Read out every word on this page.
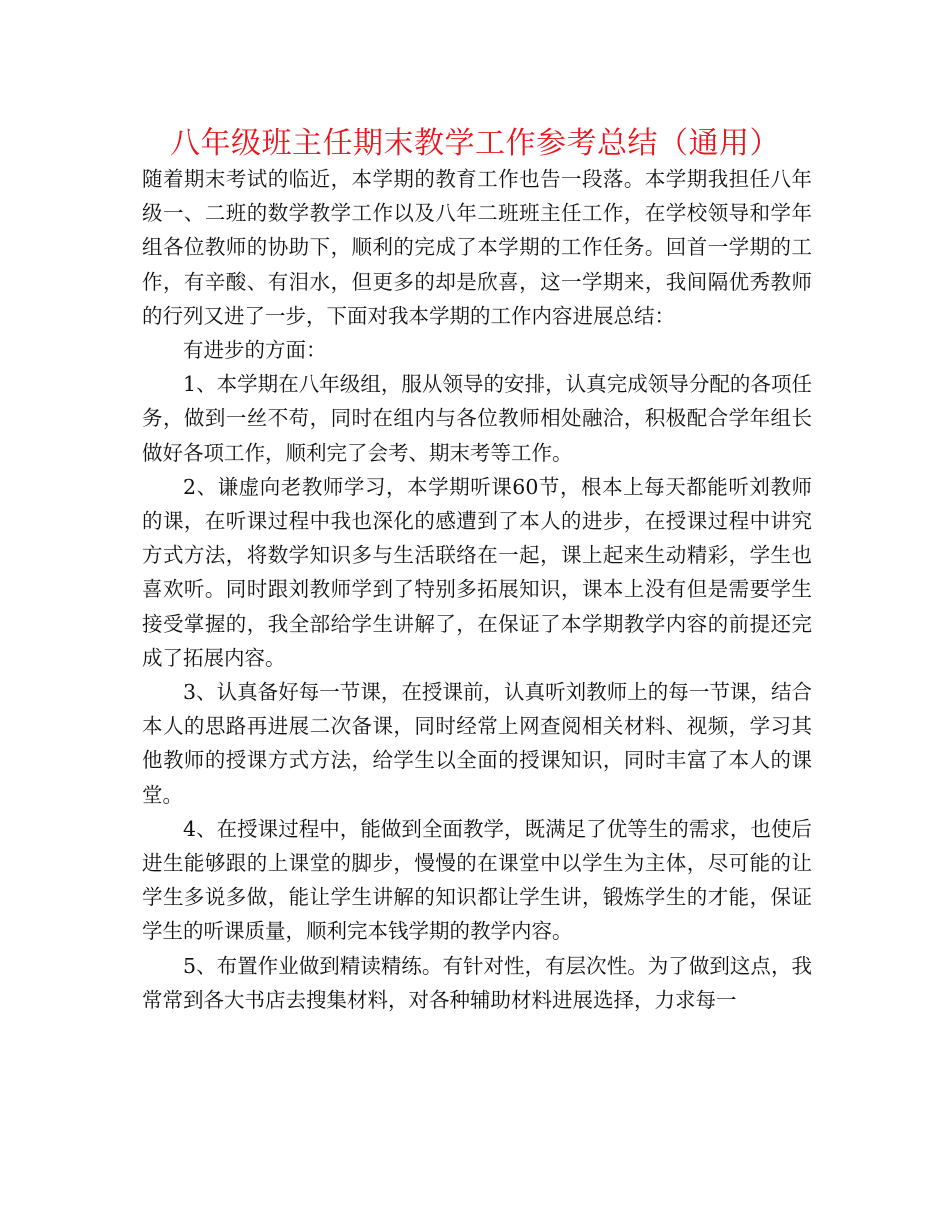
八年级班主任期末教学工作参考总结（通用）

随着期末考试的临近，本学期的教育工作也告一段落。本学期我担任八年级一、二班的数学教学工作以及八年二班班主任工作，在学校领导和学年组各位教师的协助下，顺利的完成了本学期的工作任务。回首一学期的工作，有辛酸、有泪水，但更多的却是欣喜，这一学期来，我间隔优秀教师的行列又进了一步，下面对我本学期的工作内容进展总结：

有进步的方面：

1、本学期在八年级组，服从领导的安排，认真完成领导分配的各项任务，做到一丝不苟，同时在组内与各位教师相处融洽，积极配合学年组长做好各项工作，顺利完了会考、期末考等工作。

2、谦虚向老教师学习，本学期听课60节，根本上每天都能听刘教师的课，在听课过程中我也深化的感遭到了本人的进步，在授课过程中讲究方式方法，将数学知识多与生活联络在一起，课上起来生动精彩，学生也喜欢听。同时跟刘教师学到了特别多拓展知识，课本上没有但是需要学生接受掌握的，我全部给学生讲解了，在保证了本学期教学内容的前提还完成了拓展内容。

3、认真备好每一节课，在授课前，认真听刘教师上的每一节课，结合本人的思路再进展二次备课，同时经常上网查阅相关材料、视频，学习其他教师的授课方式方法，给学生以全面的授课知识，同时丰富了本人的课堂。

4、在授课过程中，能做到全面教学，既满足了优等生的需求，也使后进生能够跟的上课堂的脚步，慢慢的在课堂中以学生为主体，尽可能的让学生多说多做，能让学生讲解的知识都让学生讲，锻炼学生的才能，保证学生的听课质量，顺利完本钱学期的教学内容。

5、布置作业做到精读精练。有针对性，有层次性。为了做到这点，我常常到各大书店去搜集材料，对各种辅助材料进展选择，力求每一
